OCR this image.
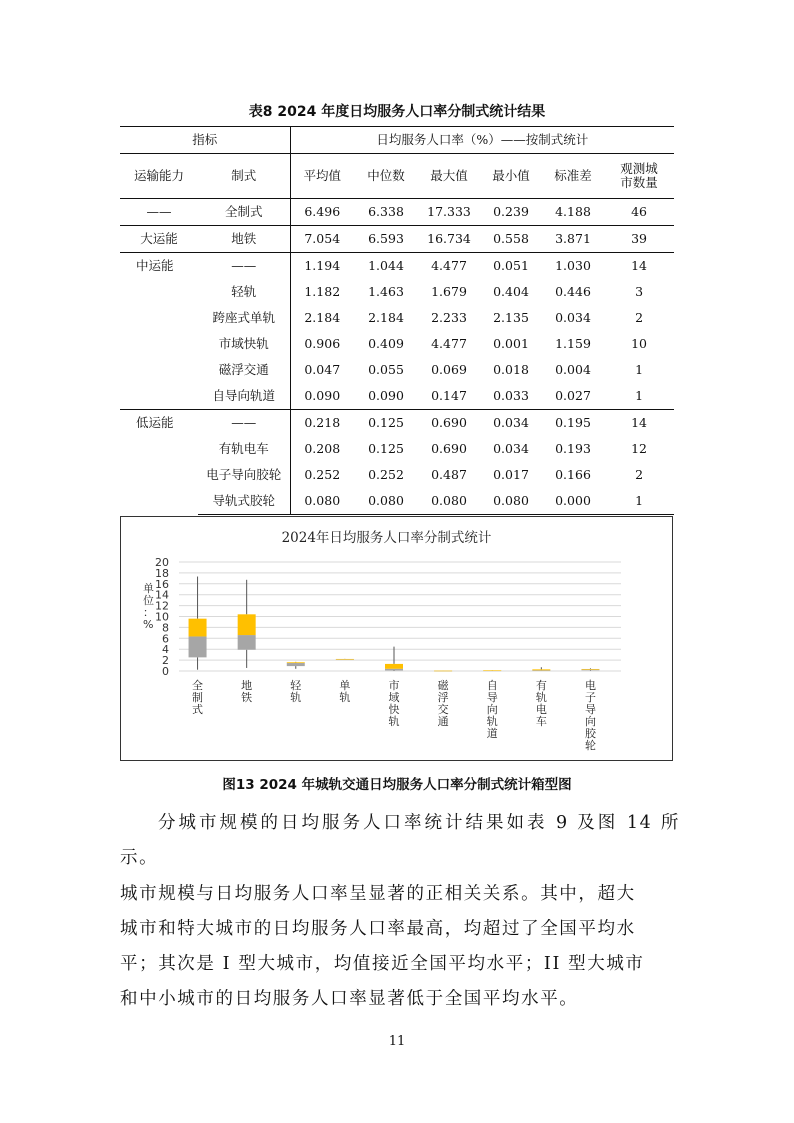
表8 2024 年度日均服务人口率分制式统计结果
指标		日均服务人口率（%）——按制式统计					
运输能力	制式	平均值	中位数	最大值	最小值	标准差	观测城
市数量
——	全制式	6.496	6.338	17.333	0.239	4.188	46
大运能	地铁	7.054	6.593	16.734	0.558	3.871	39
中运能	——	1.194	1.044	4.477	0.051	1.030	14
	轻轨	1.182	1.463	1.679	0.404	0.446	3
	跨座式单轨	2.184	2.184	2.233	2.135	0.034	2
	市域快轨	0.906	0.409	4.477	0.001	1.159	10
	磁浮交通	0.047	0.055	0.069	0.018	0.004	1
	自导向轨道	0.090	0.090	0.147	0.033	0.027	1
低运能	——	0.218	0.125	0.690	0.034	0.195	14
	有轨电车	0.208	0.125	0.690	0.034	0.193	12
	电子导向胶轮	0.252	0.252	0.487	0.017	0.166	2
	导轨式胶轮	0.080	0.080	0.080	0.080	0.000	1
2024年日均服务人口率分制式统计
0
2
4
6
8
10
12
14
16
18
20
单位：%
全制式
地铁
轻轨
单轨
市域快轨
磁浮交通
自导向轨道
有轨电车
电子导向胶轮
图13 2024 年城轨交通日均服务人口率分制式统计箱型图

分城市规模的日均服务人口率统计结果如表 9 及图 14 所示。
城市规模与日均服务人口率呈显著的正相关关系。其中，超大
城市和特大城市的日均服务人口率最高，均超过了全国平均水
平；其次是 I 型大城市，均值接近全国平均水平；II 型大城市
和中小城市的日均服务人口率显著低于全国平均水平。

11
